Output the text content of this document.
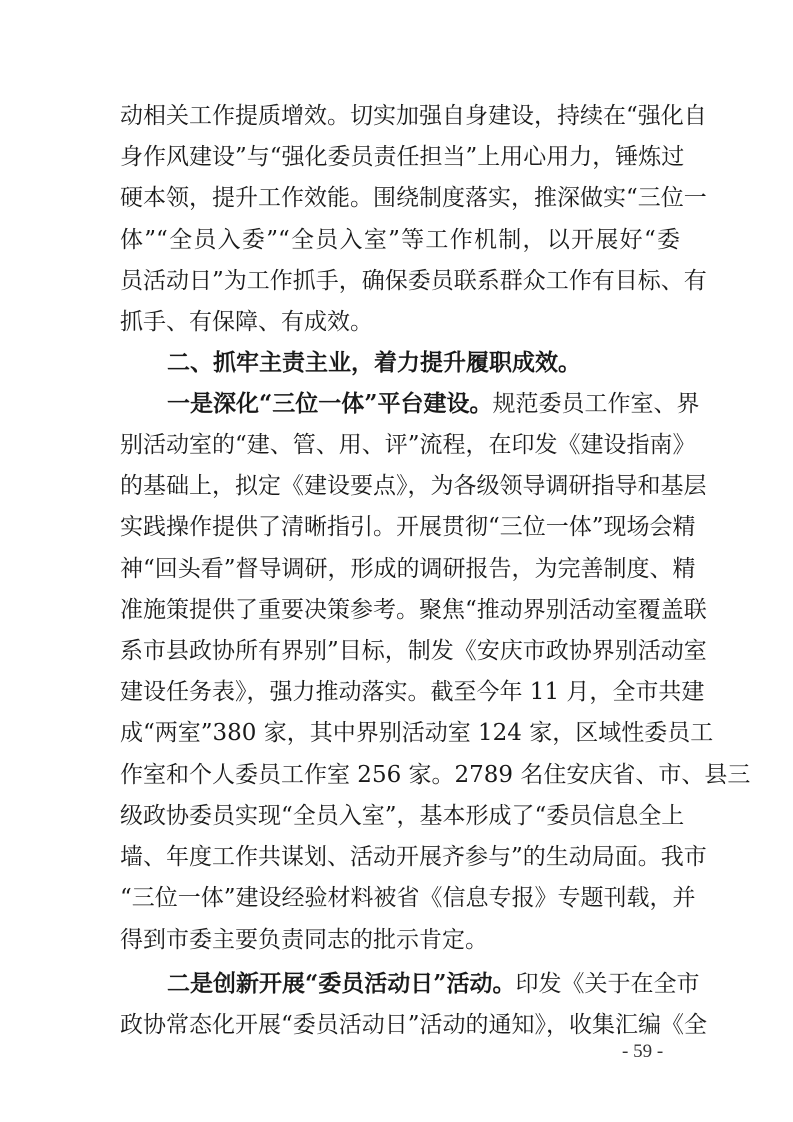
动相关工作提质增效。切实加强自身建设，持续在“强化自
身作风建设”与“强化委员责任担当”上用心用力，锤炼过
硬本领，提升工作效能。围绕制度落实，推深做实“三位一
体”“全员入委”“全员入室”等工作机制，以开展好“委
员活动日”为工作抓手，确保委员联系群众工作有目标、有
抓手、有保障、有成效。
二、抓牢主责主业，着力提升履职成效。
一是深化“三位一体”平台建设。规范委员工作室、界
别活动室的“建、管、用、评”流程，在印发《建设指南》
的基础上，拟定《建设要点》，为各级领导调研指导和基层
实践操作提供了清晰指引。开展贯彻“三位一体”现场会精
神“回头看”督导调研，形成的调研报告，为完善制度、精
准施策提供了重要决策参考。聚焦“推动界别活动室覆盖联
系市县政协所有界别”目标，制发《安庆市政协界别活动室
建设任务表》，强力推动落实。截至今年 11 月，全市共建
成“两室”380 家，其中界别活动室 124 家，区域性委员工
作室和个人委员工作室 256 家。2789 名住安庆省、市、县三
级政协委员实现“全员入室”，基本形成了“委员信息全上
墙、年度工作共谋划、活动开展齐参与”的生动局面。我市
“三位一体”建设经验材料被省《信息专报》专题刊载，并
得到市委主要负责同志的批示肯定。
二是创新开展“委员活动日”活动。印发《关于在全市
政协常态化开展“委员活动日”活动的通知》，收集汇编《全
- 59 -
